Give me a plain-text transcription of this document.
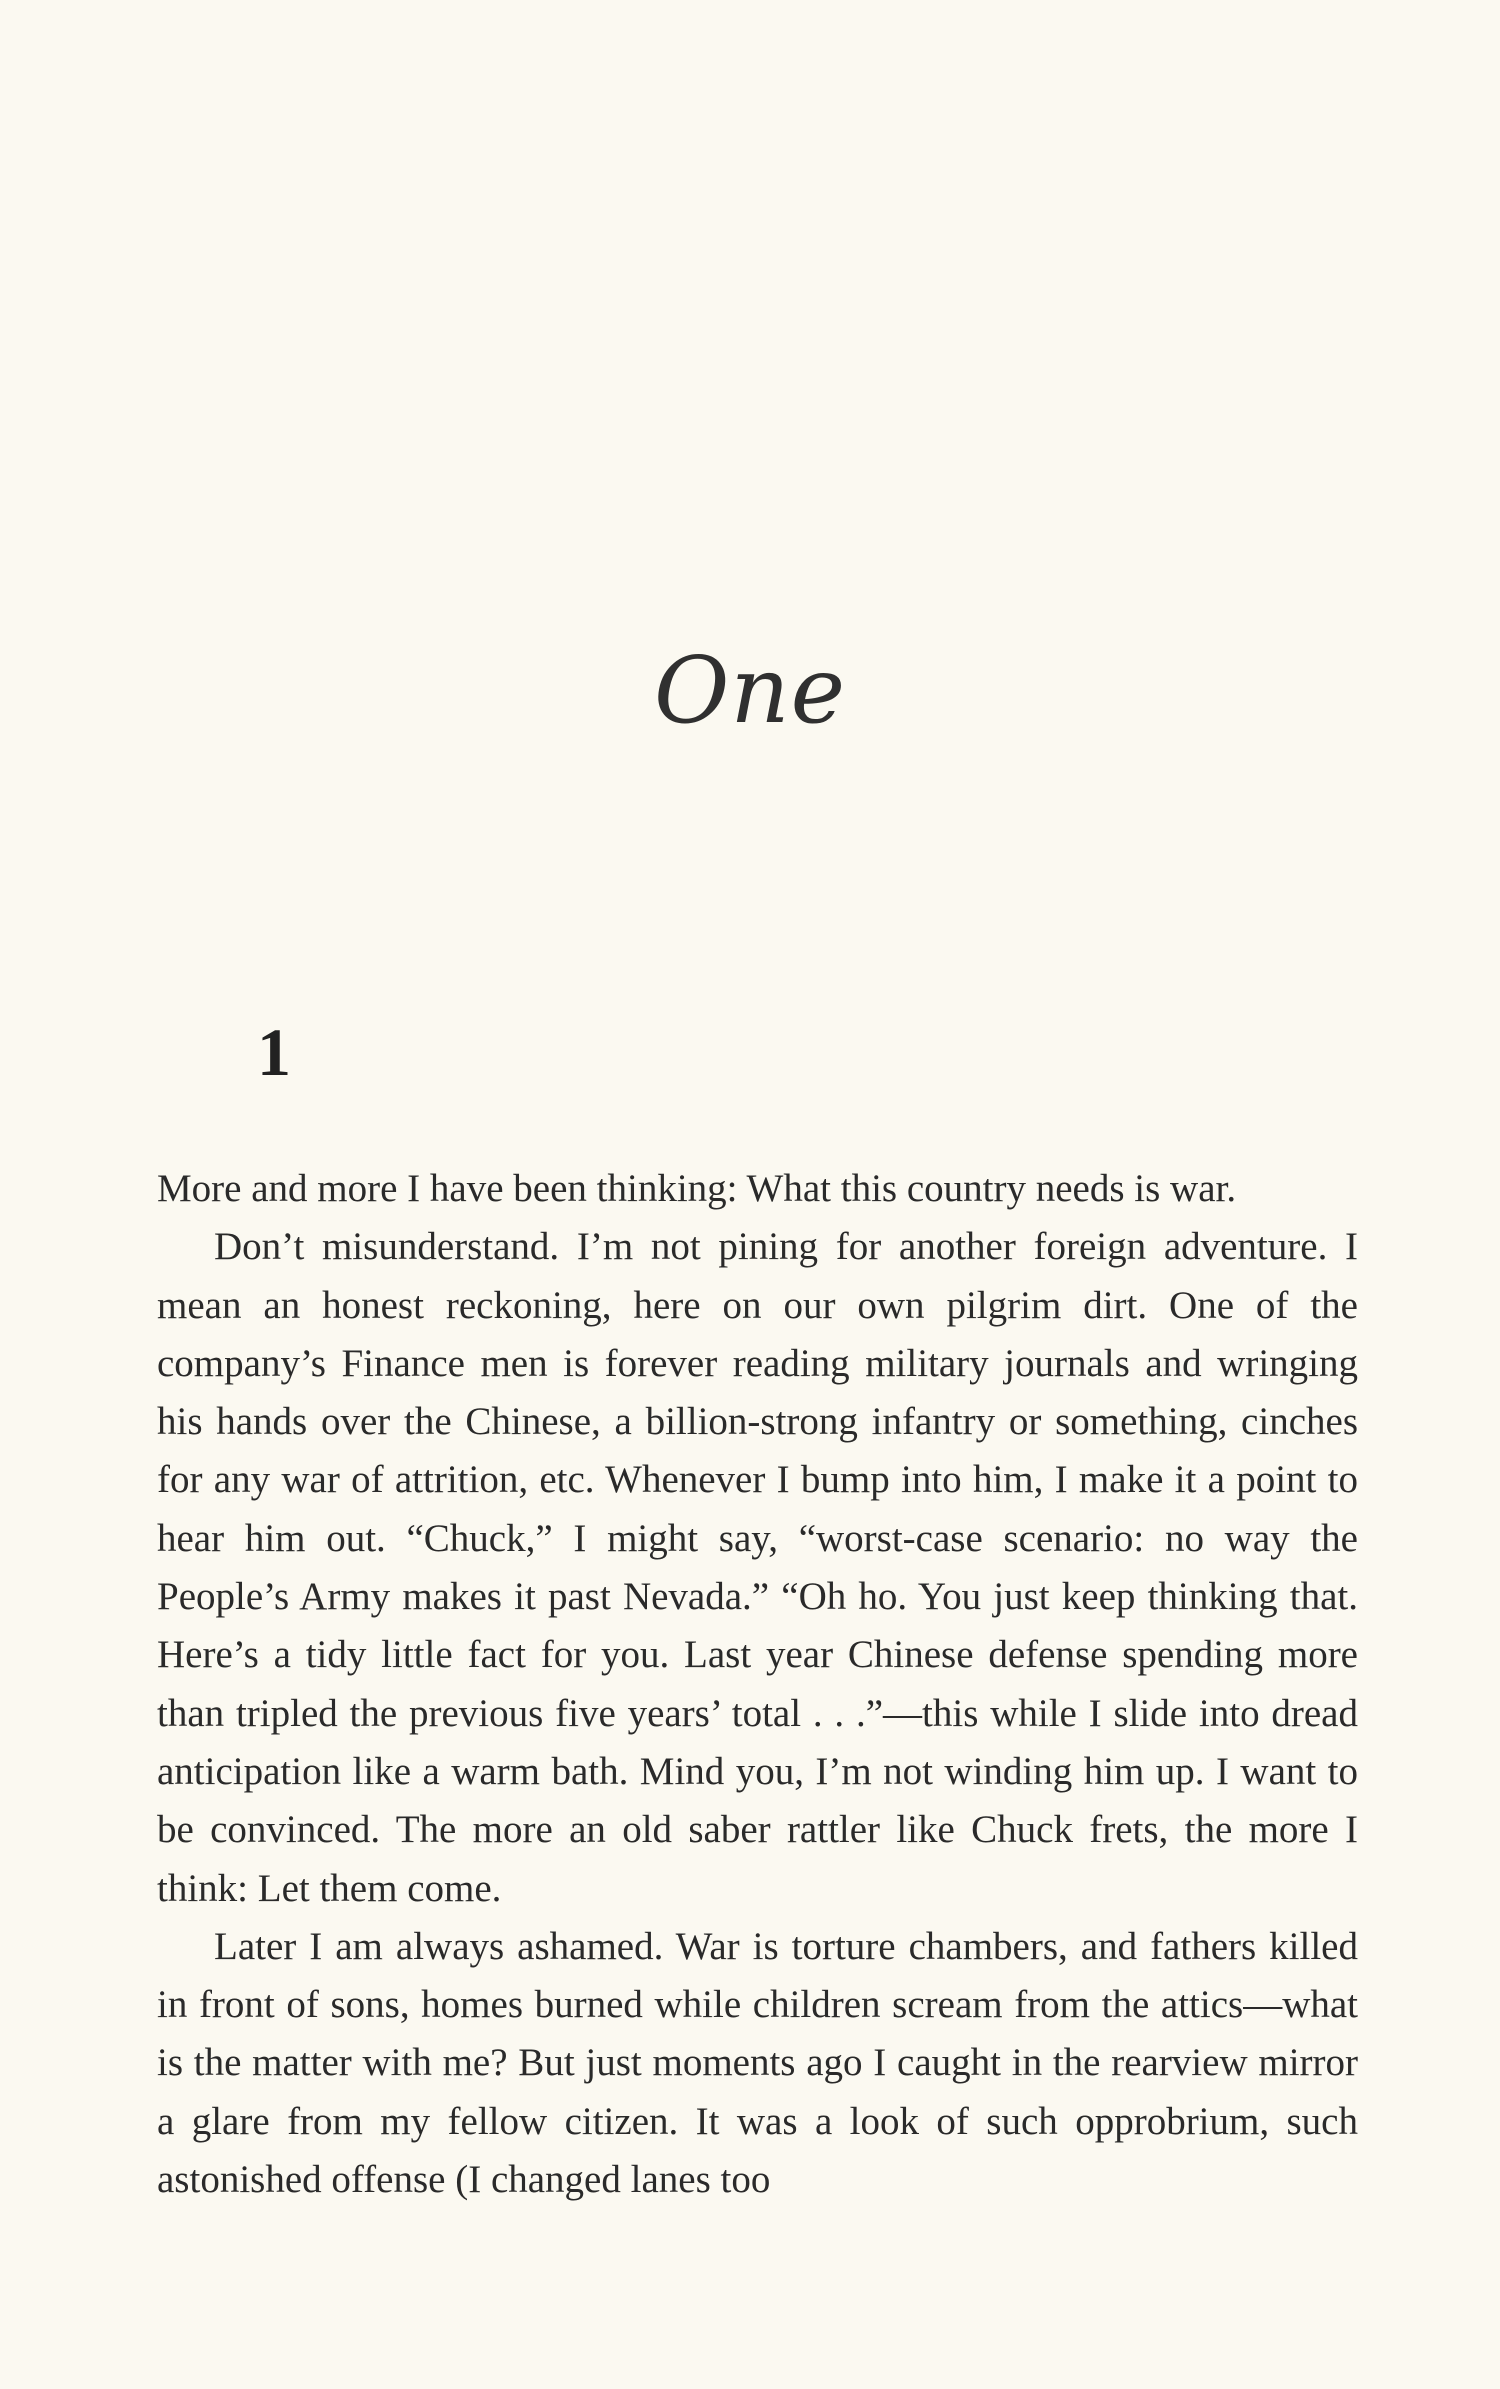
One
1

More and more I have been thinking: What this country needs is war.

Don’t misunderstand. I’m not pining for another foreign adventure. I mean an honest reckoning, here on our own pilgrim dirt. One of the company’s Finance men is forever reading military journals and wringing his hands over the Chinese, a billion-strong infantry or something, cinches for any war of attrition, etc. Whenever I bump into him, I make it a point to hear him out. “Chuck,” I might say, “worst-case scenario: no way the People’s Army makes it past Nevada.” “Oh ho. You just keep thinking that. Here’s a tidy little fact for you. Last year Chinese defense spending more than tripled the previous five years’ total . . .”—this while I slide into dread anticipation like a warm bath. Mind you, I’m not winding him up. I want to be convinced. The more an old saber rattler like Chuck frets, the more I think: Let them come.

Later I am always ashamed. War is torture chambers, and fathers killed in front of sons, homes burned while children scream from the attics—what is the matter with me? But just moments ago I caught in the rearview mirror a glare from my fellow citizen. It was a look of such opprobrium, such astonished offense (I changed lanes too
